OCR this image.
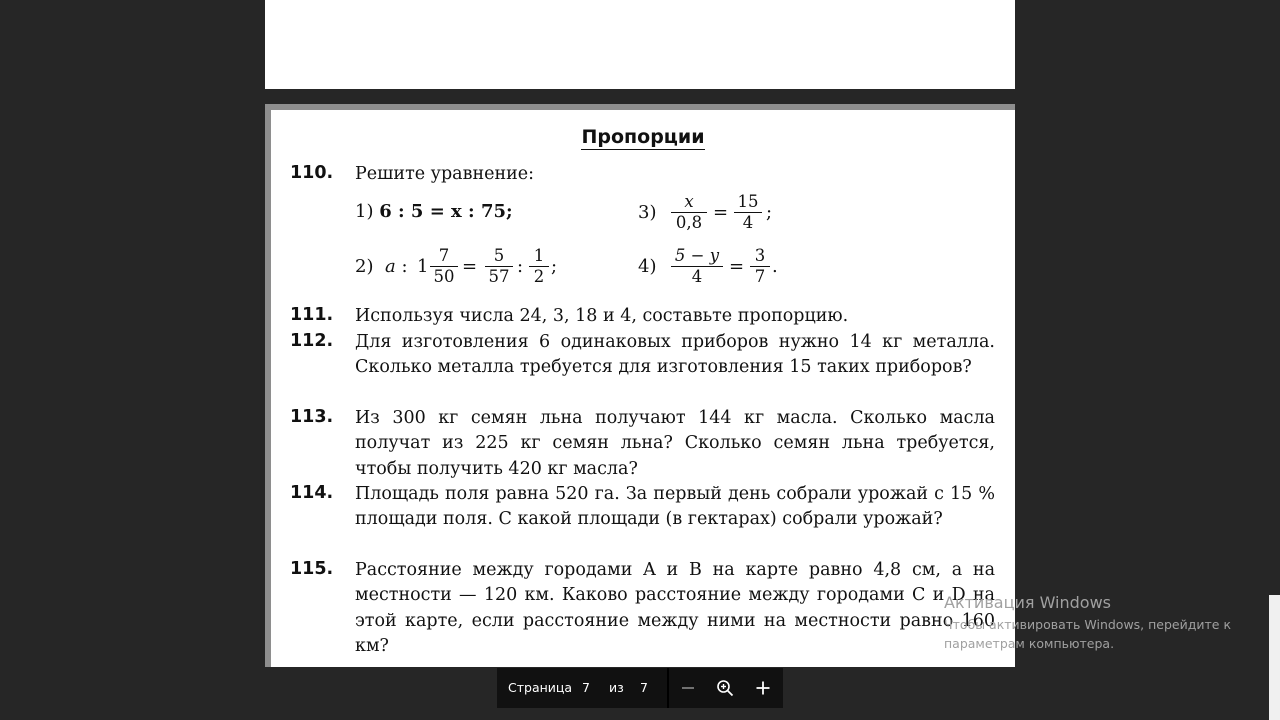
Пропорции
110. Решите уравнение:
1) 6 : 5 = x : 75;	$3) \frac{x}{0,8} = \frac{15}{4}$ ;
2) a : $1 \frac{7}{50} = \frac{5}{57}$ : $\frac{1}{2}$ ;	$4) \frac{5 - y}{4} = \frac{3}{7}$ .
111. Используя числа 24, 3, 18 и 4, составьте пропорцию.
112. Для изготовления 6 одинаковых приборов нужно 14 кг металла. Сколько металла требуется для изготовления 15 таких приборов?
113. Из 300 кг семян льна получают 144 кг масла. Сколько масла получат из 225 кг семян льна? Сколько семян льна требуется, чтобы получить 420 кг масла?
114. Площадь поля равна 520 га. За первый день собрали урожай с 15 % площади поля. С какой площади (в гектарах) собрали урожай?
115. Расстояние между городами A и B на карте равно 4,8 см, а на местности — 120 км. Каково расстояние между городами C и D на этой карте, если расстояние между ними на местности равно 160 км?
Страница 7 из 7
Активация Windows
Чтобы активировать Windows, перейдите к
параметрам компьютера.
